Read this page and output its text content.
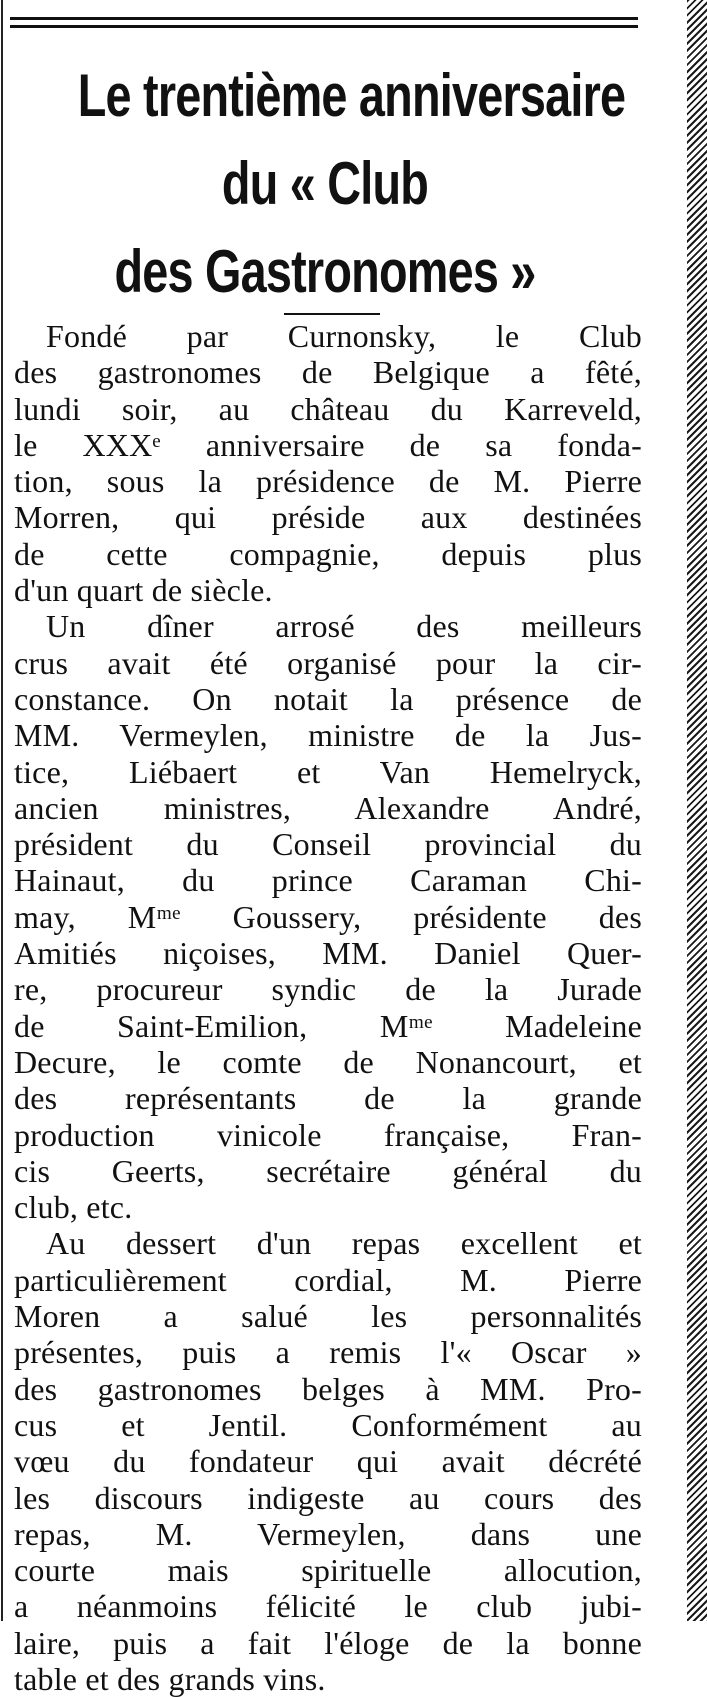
Le trentième anniversaire
du « Club
des Gastronomes »
Fondé par Curnonsky, le Club
des gastronomes de Belgique a fêté,
lundi soir, au château du Karreveld,
le XXXᵉ anniversaire de sa fonda-
tion, sous la présidence de M. Pierre
Morren, qui préside aux destinées
de cette compagnie, depuis plus
d'un quart de siècle.
Un dîner arrosé des meilleurs
crus avait été organisé pour la cir-
constance. On notait la présence de
MM. Vermeylen, ministre de la Jus-
tice, Liébaert et Van Hemelryck,
ancien ministres, Alexandre André,
président du Conseil provincial du
Hainaut, du prince Caraman Chi-
may, Mᵐᵉ Goussery, présidente des
Amitiés niçoises, MM. Daniel Quer-
re, procureur syndic de la Jurade
de Saint-Emilion, Mᵐᵉ Madeleine
Decure, le comte de Nonancourt, et
des représentants de la grande
production vinicole française, Fran-
cis Geerts, secrétaire général du
club, etc.
Au dessert d'un repas excellent et
particulièrement cordial, M. Pierre
Moren a salué les personnalités
présentes, puis a remis l'« Oscar »
des gastronomes belges à MM. Pro-
cus et Jentil. Conformément au
vœu du fondateur qui avait décrété
les discours indigeste au cours des
repas, M. Vermeylen, dans une
courte mais spirituelle allocution,
a néanmoins félicité le club jubi-
laire, puis a fait l'éloge de la bonne
table et des grands vins.
